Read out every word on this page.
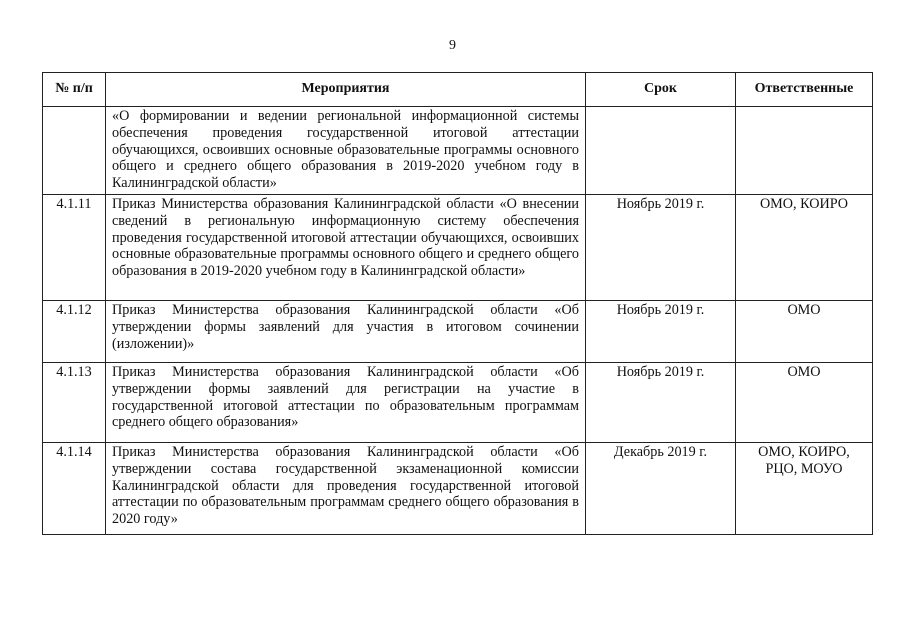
9
№ п/п	Мероприятия	Срок	Ответственные
	«О формировании и ведении региональной информационной системы обеспечения проведения государственной итоговой аттестации обучающихся, освоивших основные образовательные программы основного общего и среднего общего образования в 2019-2020 учебном году в Калининградской области»		
4.1.11	Приказ Министерства образования Калининградской области «О внесении сведений в региональную информационную систему обеспечения проведения государственной итоговой аттестации обучающихся, освоивших основные образовательные программы основного общего и среднего общего образования в 2019-2020 учебном году в Калининградской области»	Ноябрь 2019 г.	ОМО, КОИРО
4.1.12	Приказ Министерства образования Калининградской области «Об утверждении формы заявлений для участия в итоговом сочинении (изложении)»	Ноябрь 2019 г.	ОМО
4.1.13	Приказ Министерства образования Калининградской области «Об утверждении формы заявлений для регистрации на участие в государственной итоговой аттестации по образовательным программам среднего общего образования»	Ноябрь 2019 г.	ОМО
4.1.14	Приказ Министерства образования Калининградской области «Об утверждении состава государственной экзаменационной комиссии Калининградской области для проведения государственной итоговой аттестации по образовательным программам среднего общего образования в 2020 году»	Декабрь 2019 г.	ОМО, КОИРО, РЦО, МОУО
